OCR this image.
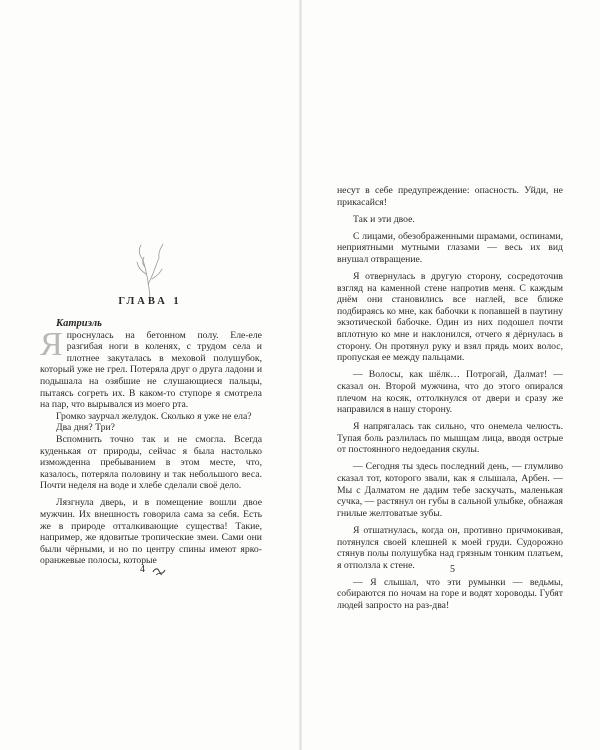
ГЛАВА 1

Катриэль

Япроснулась на бетонном полу. Еле-еле разгибая ноги в коленях, с трудом села и плотнее закуталась в меховой полушубок, который уже не грел. Потеряла друг о друга ладони и подышала на озябшие не слушающиеся пальцы, пытаясь согреть их. В каком-то ступоре я смотрела на пар, что вырывался из моего рта.

Громко заурчал желудок. Сколько я уже не ела?

Два дня? Три?

Вспомнить точно так и не смогла. Всегда куденькая от природы, сейчас я была настолько изможденна пребыванием в этом месте, что, казалось, потеряла половину и так небольшого веса. Почти неделя на воде и хлебе сделали своё дело.

Лязгнула дверь, и в помещение вошли двое мужчин. Их внешность говорила сама за себя. Есть же в природе отталкивающие существа! Такие, например, же ядовитые тропические змеи. Сами они были чёрными, и но по центру спины имеют ярко-оранжевые полосы, которые

4

несут в себе предупреждение: опасность. Уйди, не прикасайся!

Так и эти двое.

С лицами, обезображенными шрамами, оспинами, неприятными мутными глазами — весь их вид внушал отвращение.

Я отвернулась в другую сторону, сосредоточив взгляд на каменной стене напротив меня. С каждым днём они становились все наглей, все ближе подбираясь ко мне, как бабочки к попавшей в паутину экзотической бабочке. Один из них подошел почти вплотную ко мне и наклонился, отчего я дёрнулась в сторону. Он протянул руку и взял прядь моих волос, пропуская ее между пальцами.

— Волосы, как шёлк… Потрогай, Далмат! — сказал он. Второй мужчина, что до этого опирался плечом на косяк, оттолкнулся от двери и сразу же направился в нашу сторону.

Я напрягалась так сильно, что онемела челюсть. Тупая боль разлилась по мышцам лица, вводя острые от постоянного недоедания скулы.

— Сегодня ты здесь последний день, — глумливо сказал тот, которого звали, как я слышала, Арбен. — Мы с Далматом не дадим тебе заскучать, маленькая сучка, — растянул он губы в сальной улыбке, обнажая гнилые желтоватые зубы.

Я отшатнулась, когда он, противно причмокивая, потянулся своей клешней к моей груди. Судорожно стянув полы полушубка над грязным тонким платьем, я отползла к стене.

— Я слышал, что эти румынки — ведьмы, собираются по ночам на горе и водят хороводы. Губят людей запросто на раз-два!

5
